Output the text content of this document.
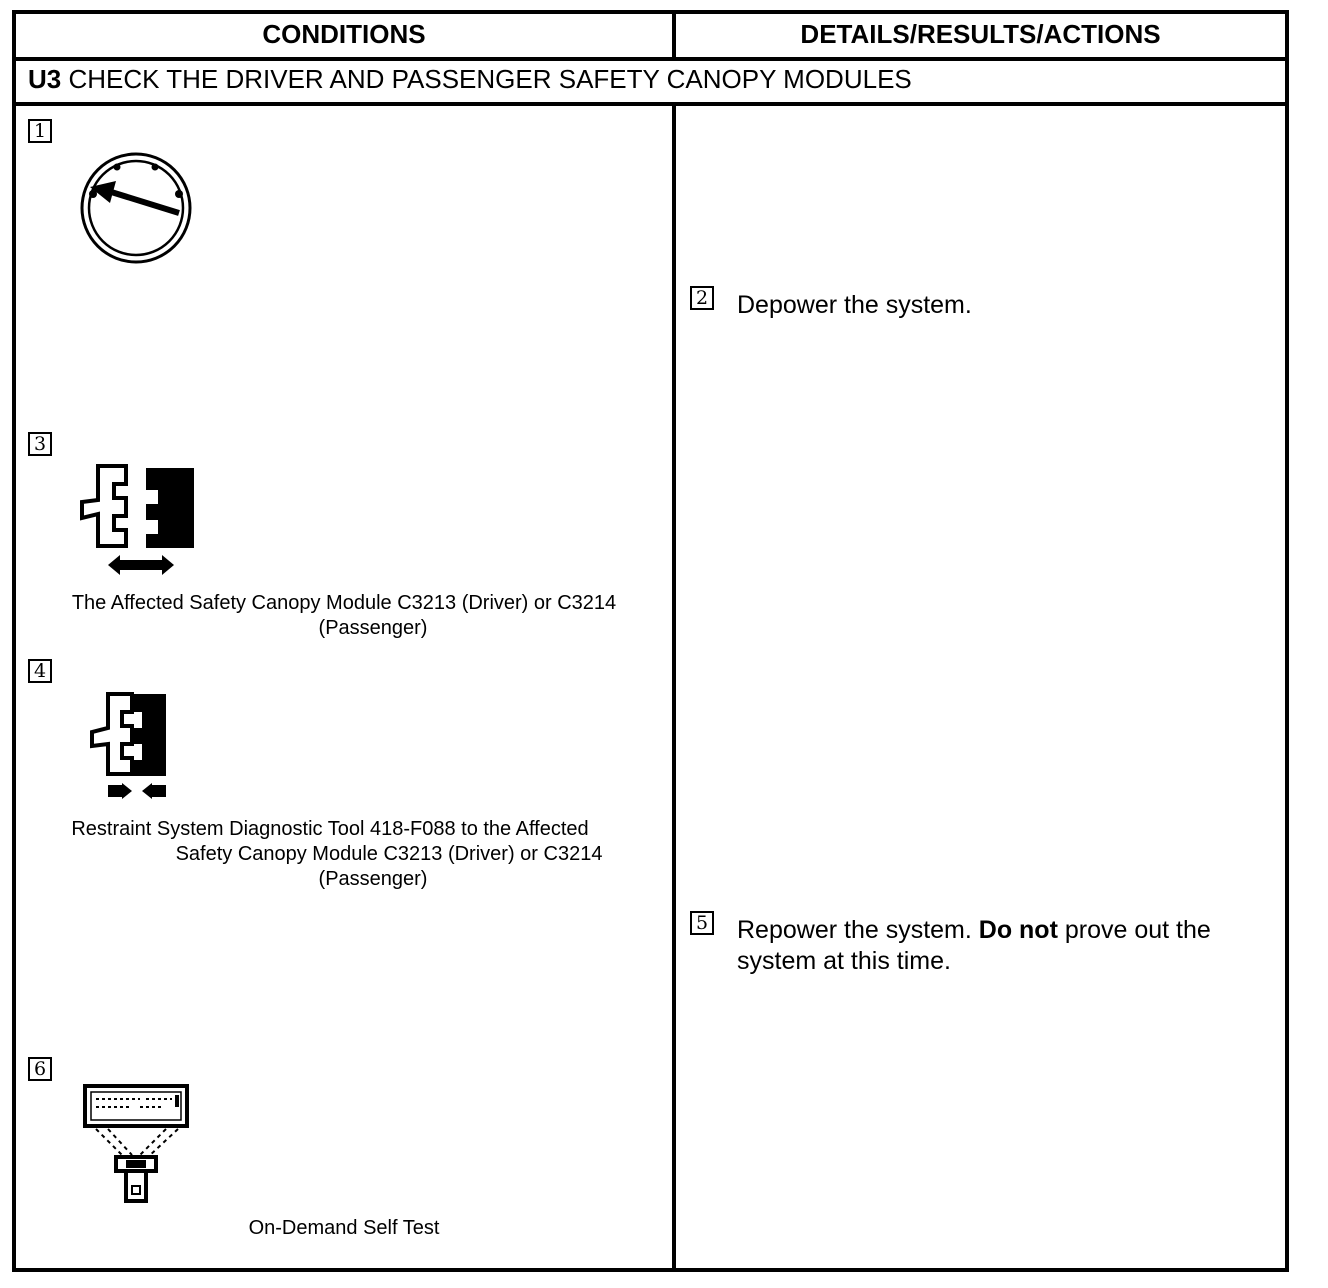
CONDITIONS	DETAILS/RESULTS/ACTIONS
U3 CHECK THE DRIVER AND PASSENGER SAFETY CANOPY MODULES
1
2 Depower the system.
3
The Affected Safety Canopy Module C3213 (Driver) or C3214
(Passenger)
4
Restraint System Diagnostic Tool 418-F088 to the Affected
Safety Canopy Module C3213 (Driver) or C3214
(Passenger)
5 Repower the system. Do not prove out the
system at this time.
6
On-Demand Self Test
